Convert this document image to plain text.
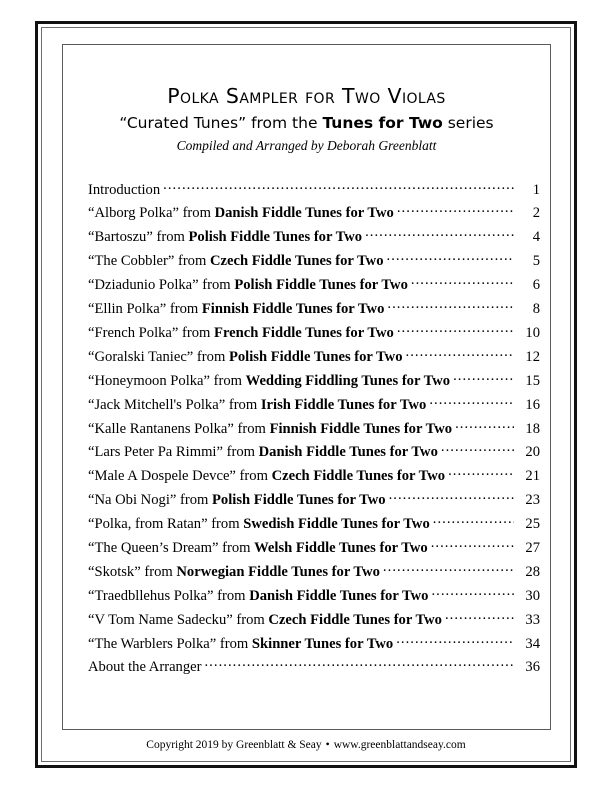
Polka Sampler for Two Violas
“Curated Tunes” from the Tunes for Two series
Compiled and Arranged by Deborah Greenblatt
Introduction .....	1
“Alborg Polka” from Danish Fiddle Tunes for Two .....	2
“Bartoszu” from Polish Fiddle Tunes for Two .....	4
“The Cobbler” from Czech Fiddle Tunes for Two .....	5
“Dziadunio Polka” from Polish Fiddle Tunes for Two .....	6
“Ellin Polka” from Finnish Fiddle Tunes for Two .....	8
“French Polka” from French Fiddle Tunes for Two .....	10
“Goralski Taniec” from Polish Fiddle Tunes for Two .....	12
“Honeymoon Polka” from Wedding Fiddling Tunes for Two .....	15
“Jack Mitchell's Polka” from Irish Fiddle Tunes for Two .....	16
“Kalle Rantanens Polka” from Finnish Fiddle Tunes for Two .....	18
“Lars Peter Pa Rimmi” from Danish Fiddle Tunes for Two .....	20
“Male A Dospele Devce” from Czech Fiddle Tunes for Two .....	21
“Na Obi Nogi” from Polish Fiddle Tunes for Two .....	23
“Polka, from Ratan” from Swedish Fiddle Tunes for Two .....	25
“The Queen’s Dream” from Welsh Fiddle Tunes for Two .....	27
“Skotsk” from Norwegian Fiddle Tunes for Two .....	28
“Traedbllehus Polka” from Danish Fiddle Tunes for Two .....	30
“V Tom Name Sadecku” from Czech Fiddle Tunes for Two .....	33
“The Warblers Polka” from Skinner Tunes for Two .....	34
About the Arranger .....	36
Copyright 2019 by Greenblatt & Seay • www.greenblattandseay.com
